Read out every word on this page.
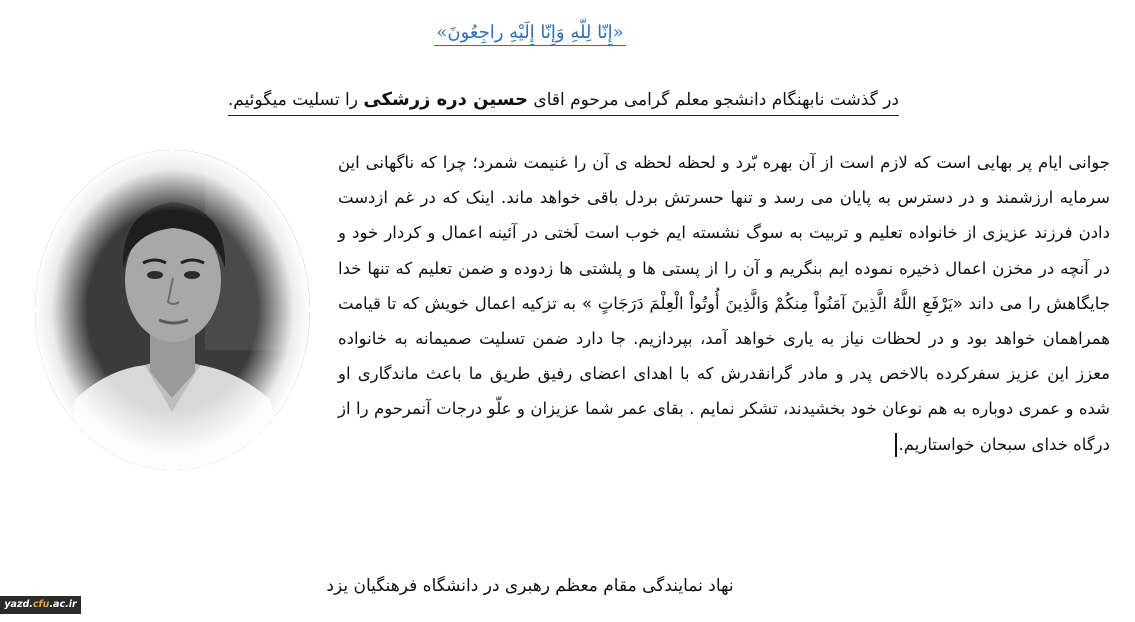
«إِنّا لِلّهِ وَإِنّا إِلَیْهِ راجِعُونَ»
در گذشت نابهنگام دانشجو معلم گرامی مرحوم اقای حسین دره زرشکی را تسلیت میگوئیم.

جوانی ایام پر بهایی است که لازم است از آن بهره بّرد و لحظه لحظه ی آن را غنیمت شمرد؛ چرا که ناگهانی این سرمایه ارزشمند و در دسترس به پایان می رسد و تنها حسرتش بردل باقی خواهد ماند. اینک که در غم ازدست دادن فرزند عزیزی از خانواده تعلیم و تربیت به سوگ نشسته ایم خوب است لَختی در آئینه اعمال و کردار خود و در آنچه در مخزن اعمال ذخیره نموده ایم بنگریم و آن را از پستی ها و پلشتی ها زدوده و ضمن تعلیم که تنها خدا جایگاهش را می داند «یَرْفَعِ اللَّهُ الَّذِینَ آمَنُواْ مِنكُمْ وَالَّذِینَ أُوتُواْ الْعِلْمَ دَرَجَاتٍ » به تزکیه اعمال خویش که تا قیامت همراهمان خواهد بود و در لحظات نیاز به یاری خواهد آمد، بپردازیم. جا دارد ضمن تسلیت صمیمانه به خانواده معزز این عزیز سفرکرده بالاخص پدر و مادر گرانقدرش که با اهدای اعضای رفیق طریق ما باعث ماندگاری او شده و عمری دوباره به هم نوعان خود بخشیدند، تشکر نمایم . بقای عمر شما عزیزان و علّو درجات آنمرحوم را از درگاه خدای سبحان خواستاریم.

نهاد نمایندگی مقام معظم رهبری در دانشگاه فرهنگیان یزد
yazd.cfu.ac.ir
